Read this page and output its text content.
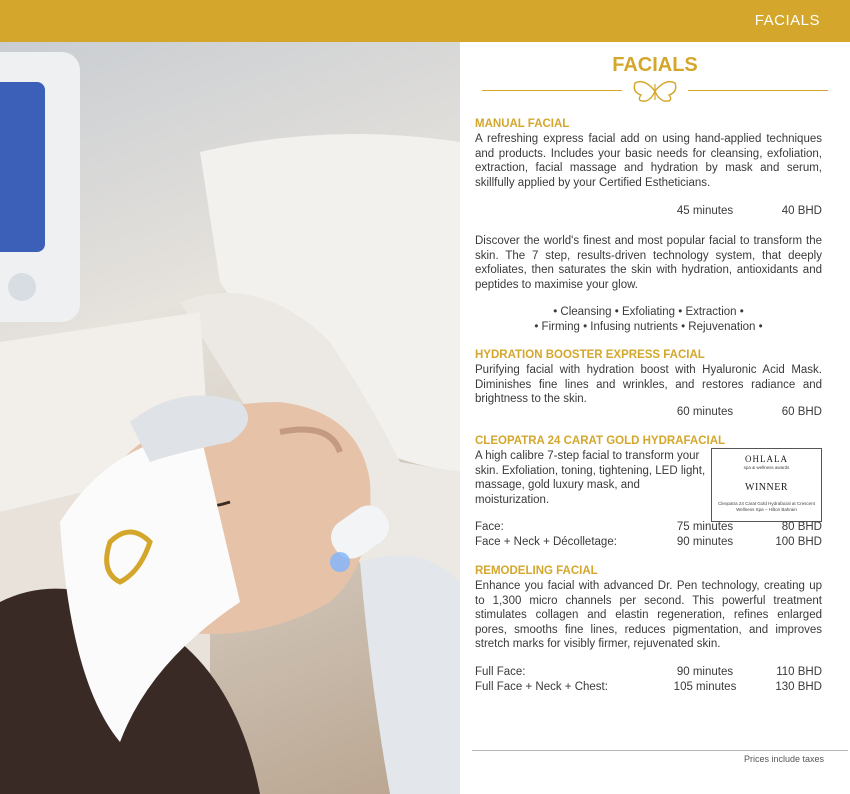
FACIALS
FACIALS
MANUAL FACIAL
A refreshing express facial add on using hand-applied techniques and products. Includes your basic needs for cleansing, exfoliation, extraction, facial massage and hydration by mask and serum, skillfully applied by your Certified Estheticians.
45 minutes	40 BHD
Discover the world's finest and most popular facial to transform the skin. The 7 step, results-driven technology system, that deeply exfoliates, then saturates the skin with hydration, antioxidants and peptides to maximise your glow.
• Cleansing • Exfoliating • Extraction •
• Firming • Infusing nutrients • Rejuvenation •
HYDRATION BOOSTER EXPRESS FACIAL
Purifying facial with hydration boost with Hyaluronic Acid Mask. Diminishes fine lines and wrinkles, and restores radiance and brightness to the skin.
60 minutes	60 BHD
CLEOPATRA 24 CARAT GOLD HYDRAFACIAL
A high calibre 7-step facial to transform your skin. Exfoliation, toning, tightening, LED light, massage, gold luxury mask, and moisturization.
OHLALA
spa & wellness awards
WINNER
Cleopatra 24 Carat Gold Hydrafacial at Crescent Wellness Spa – Hilton Bahrain
Face:	75 minutes	80 BHD
Face + Neck + Décolletage:	90 minutes	100 BHD
REMODELING FACIAL
Enhance you facial with advanced Dr. Pen technology, creating up to 1,300 micro channels per second. This powerful treatment stimulates collagen and elastin regeneration, refines enlarged pores, smooths fine lines, reduces pigmentation, and improves stretch marks for visibly firmer, rejuvenated skin.
Full Face:	90 minutes	110 BHD
Full Face + Neck + Chest:	105 minutes	130 BHD
Prices include taxes
